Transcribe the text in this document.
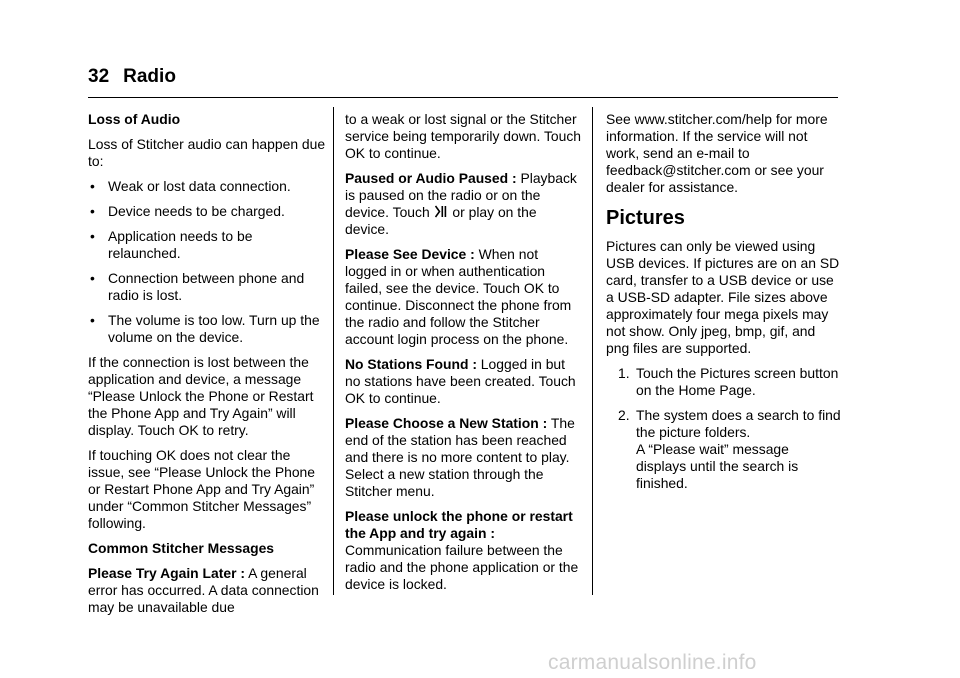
32 Radio

Loss of Audio

Loss of Stitcher audio can happen due to:

• Weak or lost data connection.
• Device needs to be charged.
• Application needs to be relaunched.
• Connection between phone and radio is lost.
• The volume is too low. Turn up the volume on the device.

If the connection is lost between the application and device, a message “Please Unlock the Phone or Restart the Phone App and Try Again” will display. Touch OK to retry.

If touching OK does not clear the issue, see “Please Unlock the Phone or Restart Phone App and Try Again” under “Common Stitcher Messages” following.

Common Stitcher Messages

Please Try Again Later : A general error has occurred. A data connection may be unavailable due

to a weak or lost signal or the Stitcher service being temporarily down. Touch OK to continue.

Paused or Audio Paused : Playback is paused on the radio or on the device. Touch  or play on the device.

Please See Device : When not logged in or when authentication failed, see the device. Touch OK to continue. Disconnect the phone from the radio and follow the Stitcher account login process on the phone.

No Stations Found : Logged in but no stations have been created. Touch OK to continue.

Please Choose a New Station : The end of the station has been reached and there is no more content to play. Select a new station through the Stitcher menu.

Please unlock the phone or restart the App and try again : Communication failure between the radio and the phone application or the device is locked.

See www.stitcher.com/help for more information. If the service will not work, send an e-mail to feedback@stitcher.com or see your dealer for assistance.

Pictures

Pictures can only be viewed using USB devices. If pictures are on an SD card, transfer to a USB device or use a USB-SD adapter. File sizes above approximately four mega pixels may not show. Only jpeg, bmp, gif, and png files are supported.

1. Touch the Pictures screen button on the Home Page.
2. The system does a search to find the picture folders.
A “Please wait” message displays until the search is finished.
carmanualsonline.info
